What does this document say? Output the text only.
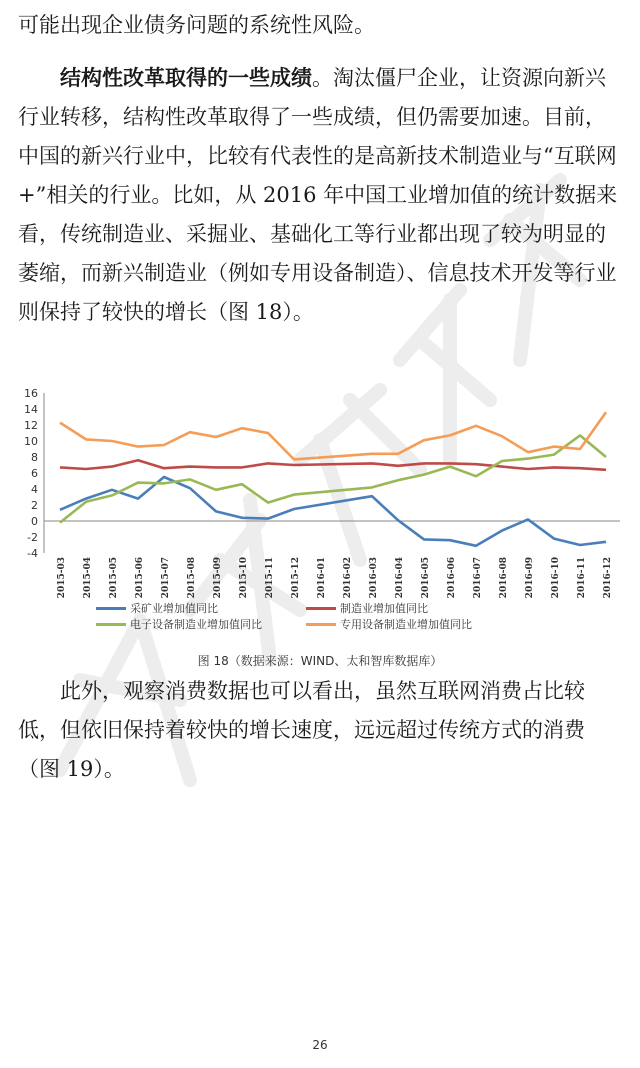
可能出现企业债务问题的系统性风险。

结构性改革取得的一些成绩。淘汰僵尸企业，让资源向新兴行业转移，结构性改革取得了一些成绩，但仍需要加速。目前，中国的新兴行业中，比较有代表性的是高新技术制造业与“互联网+”相关的行业。比如，从 2016 年中国工业增加值的统计数据来看，传统制造业、采掘业、基础化工等行业都出现了较为明显的萎缩，而新兴制造业（例如专用设备制造）、信息技术开发等行业则保持了较快的增长（图 18）。

-4
-2
0
2
4
6
8
10
12
14
16
2015-03 2015-04 2015-05 2015-06 2015-07 2015-08 2015-09 2015-10 2015-11 2015-12 2016-01 2016-02 2016-03 2016-04 2016-05 2016-06 2016-07 2016-08 2016-09 2016-10 2016-11 2016-12
采矿业增加值同比	制造业增加值同比
电子设备制造业增加值同比	专用设备制造业增加值同比
图 18（数据来源：WIND、太和智库数据库）

此外，观察消费数据也可以看出，虽然互联网消费占比较低，但依旧保持着较快的增长速度，远远超过传统方式的消费（图 19）。

26
